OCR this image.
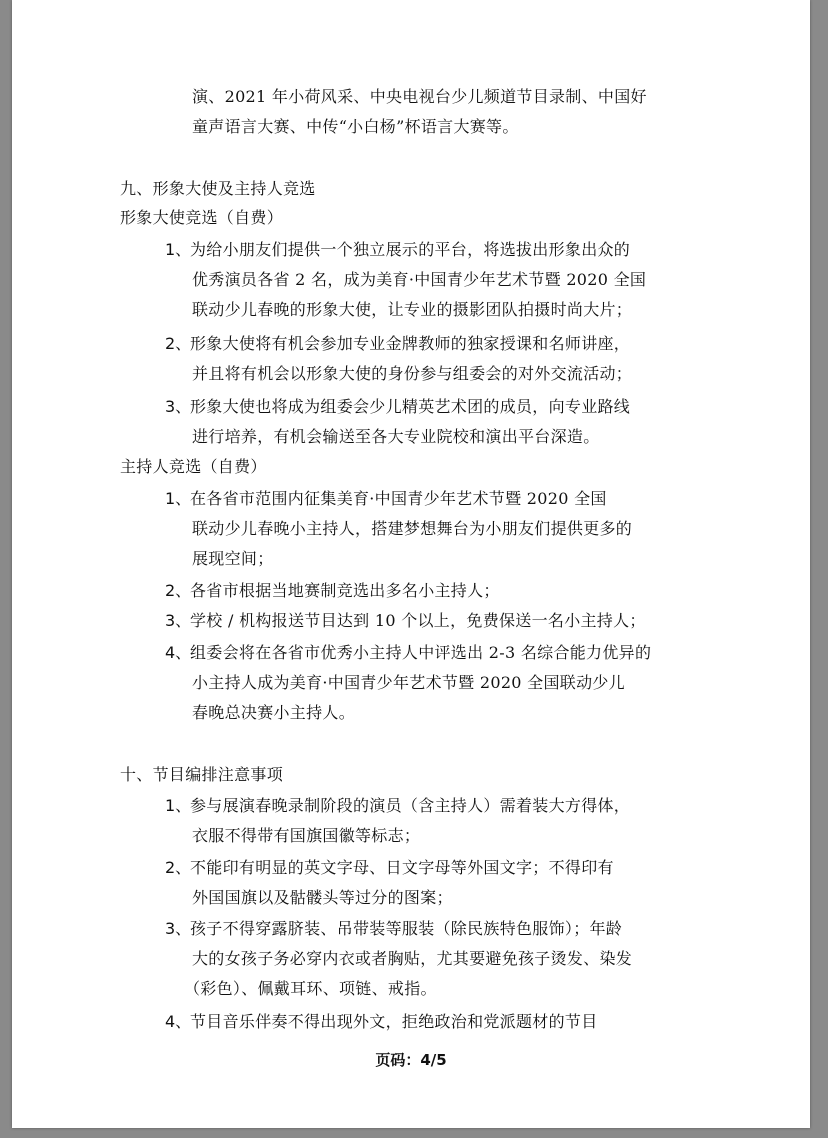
演、2021 年小荷风采、中央电视台少儿频道节目录制、中国好
童声语言大赛、中传“小白杨”杯语言大赛等。
九、形象大使及主持人竞选
形象大使竞选（自费）
1、
为给小朋友们提供一个独立展示的平台，将选拔出形象出众的
优秀演员各省 2 名，成为美育·中国青少年艺术节暨 2020 全国
联动少儿春晚的形象大使，让专业的摄影团队拍摄时尚大片；
2、
形象大使将有机会参加专业金牌教师的独家授课和名师讲座，
并且将有机会以形象大使的身份参与组委会的对外交流活动；
3、
形象大使也将成为组委会少儿精英艺术团的成员，向专业路线
进行培养，有机会输送至各大专业院校和演出平台深造。
主持人竞选（自费）
1、
在各省市范围内征集美育·中国青少年艺术节暨 2020 全国
联动少儿春晚小主持人，搭建梦想舞台为小朋友们提供更多的
展现空间；
2、
各省市根据当地赛制竞选出多名小主持人；
3、
学校 / 机构报送节目达到 10 个以上，免费保送一名小主持人；
4、
组委会将在各省市优秀小主持人中评选出 2-3 名综合能力优异的
小主持人成为美育·中国青少年艺术节暨 2020 全国联动少儿
春晚总决赛小主持人。
十、节目编排注意事项
1、
参与展演春晚录制阶段的演员（含主持人）需着装大方得体，
衣服不得带有国旗国徽等标志；
2、
不能印有明显的英文字母、日文字母等外国文字；不得印有
外国国旗以及骷髅头等过分的图案；
3、
孩子不得穿露脐装、吊带装等服装（除民族特色服饰）；年龄
大的女孩子务必穿内衣或者胸贴，尤其要避免孩子烫发、染发
（彩色）、佩戴耳环、项链、戒指。
4、
节目音乐伴奏不得出现外文，拒绝政治和党派题材的节目
页码：4/5
